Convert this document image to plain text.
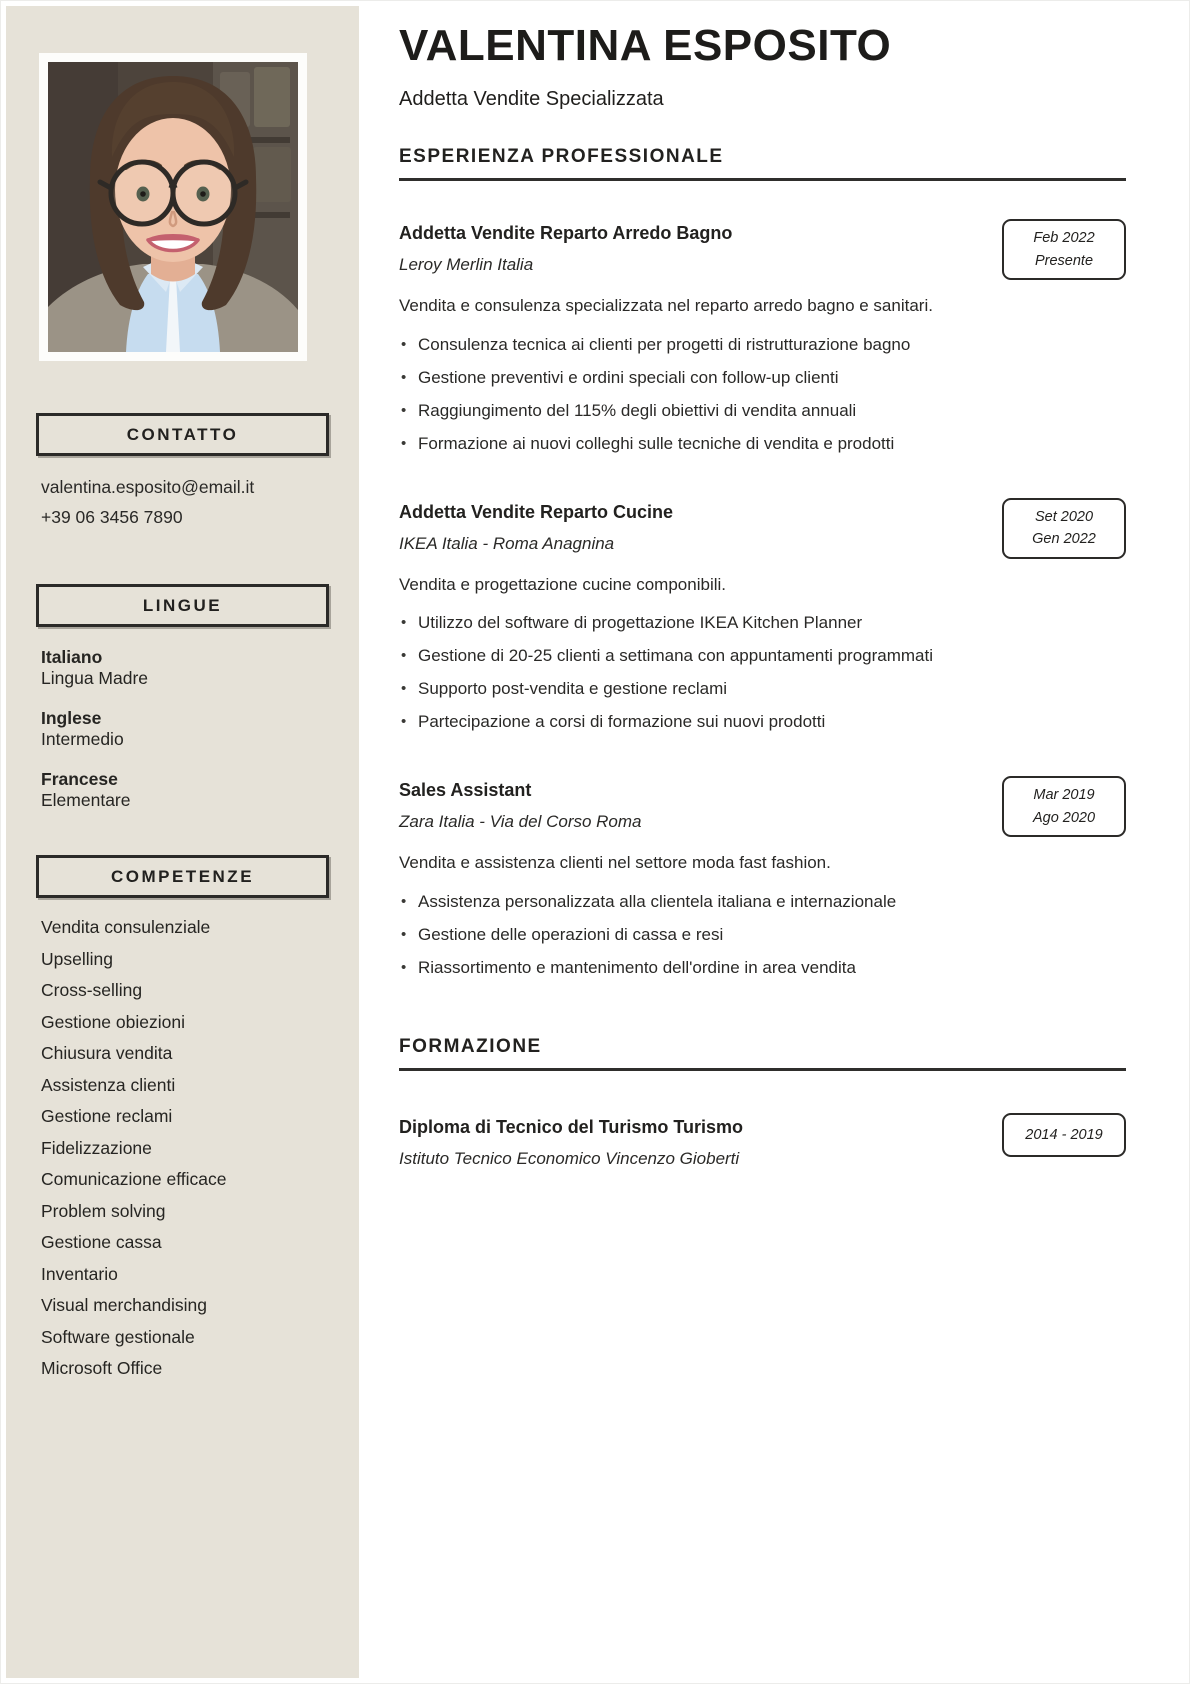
CONTATTO
valentina.esposito@email.it
+39 06 3456 7890
LINGUE
Italiano
Lingua Madre
Inglese
Intermedio
Francese
Elementare
COMPETENZE
Vendita consulenziale
Upselling
Cross-selling
Gestione obiezioni
Chiusura vendita
Assistenza clienti
Gestione reclami
Fidelizzazione
Comunicazione efficace
Problem solving
Gestione cassa
Inventario
Visual merchandising
Software gestionale
Microsoft Office
VALENTINA ESPOSITO
Addetta Vendite Specializzata
ESPERIENZA PROFESSIONALE
Addetta Vendite Reparto Arredo Bagno
Leroy Merlin Italia
Feb 2022
Presente

Vendita e consulenza specializzata nel reparto arredo bagno e sanitari.

• Consulenza tecnica ai clienti per progetti di ristrutturazione bagno
• Gestione preventivi e ordini speciali con follow-up clienti
• Raggiungimento del 115% degli obiettivi di vendita annuali
• Formazione ai nuovi colleghi sulle tecniche di vendita e prodotti
Addetta Vendite Reparto Cucine
IKEA Italia - Roma Anagnina
Set 2020
Gen 2022

Vendita e progettazione cucine componibili.

• Utilizzo del software di progettazione IKEA Kitchen Planner
• Gestione di 20-25 clienti a settimana con appuntamenti programmati
• Supporto post-vendita e gestione reclami
• Partecipazione a corsi di formazione sui nuovi prodotti
Sales Assistant
Zara Italia - Via del Corso Roma
Mar 2019
Ago 2020

Vendita e assistenza clienti nel settore moda fast fashion.

• Assistenza personalizzata alla clientela italiana e internazionale
• Gestione delle operazioni di cassa e resi
• Riassortimento e mantenimento dell'ordine in area vendita
FORMAZIONE
Diploma di Tecnico del Turismo Turismo
Istituto Tecnico Economico Vincenzo Gioberti
2014 - 2019
